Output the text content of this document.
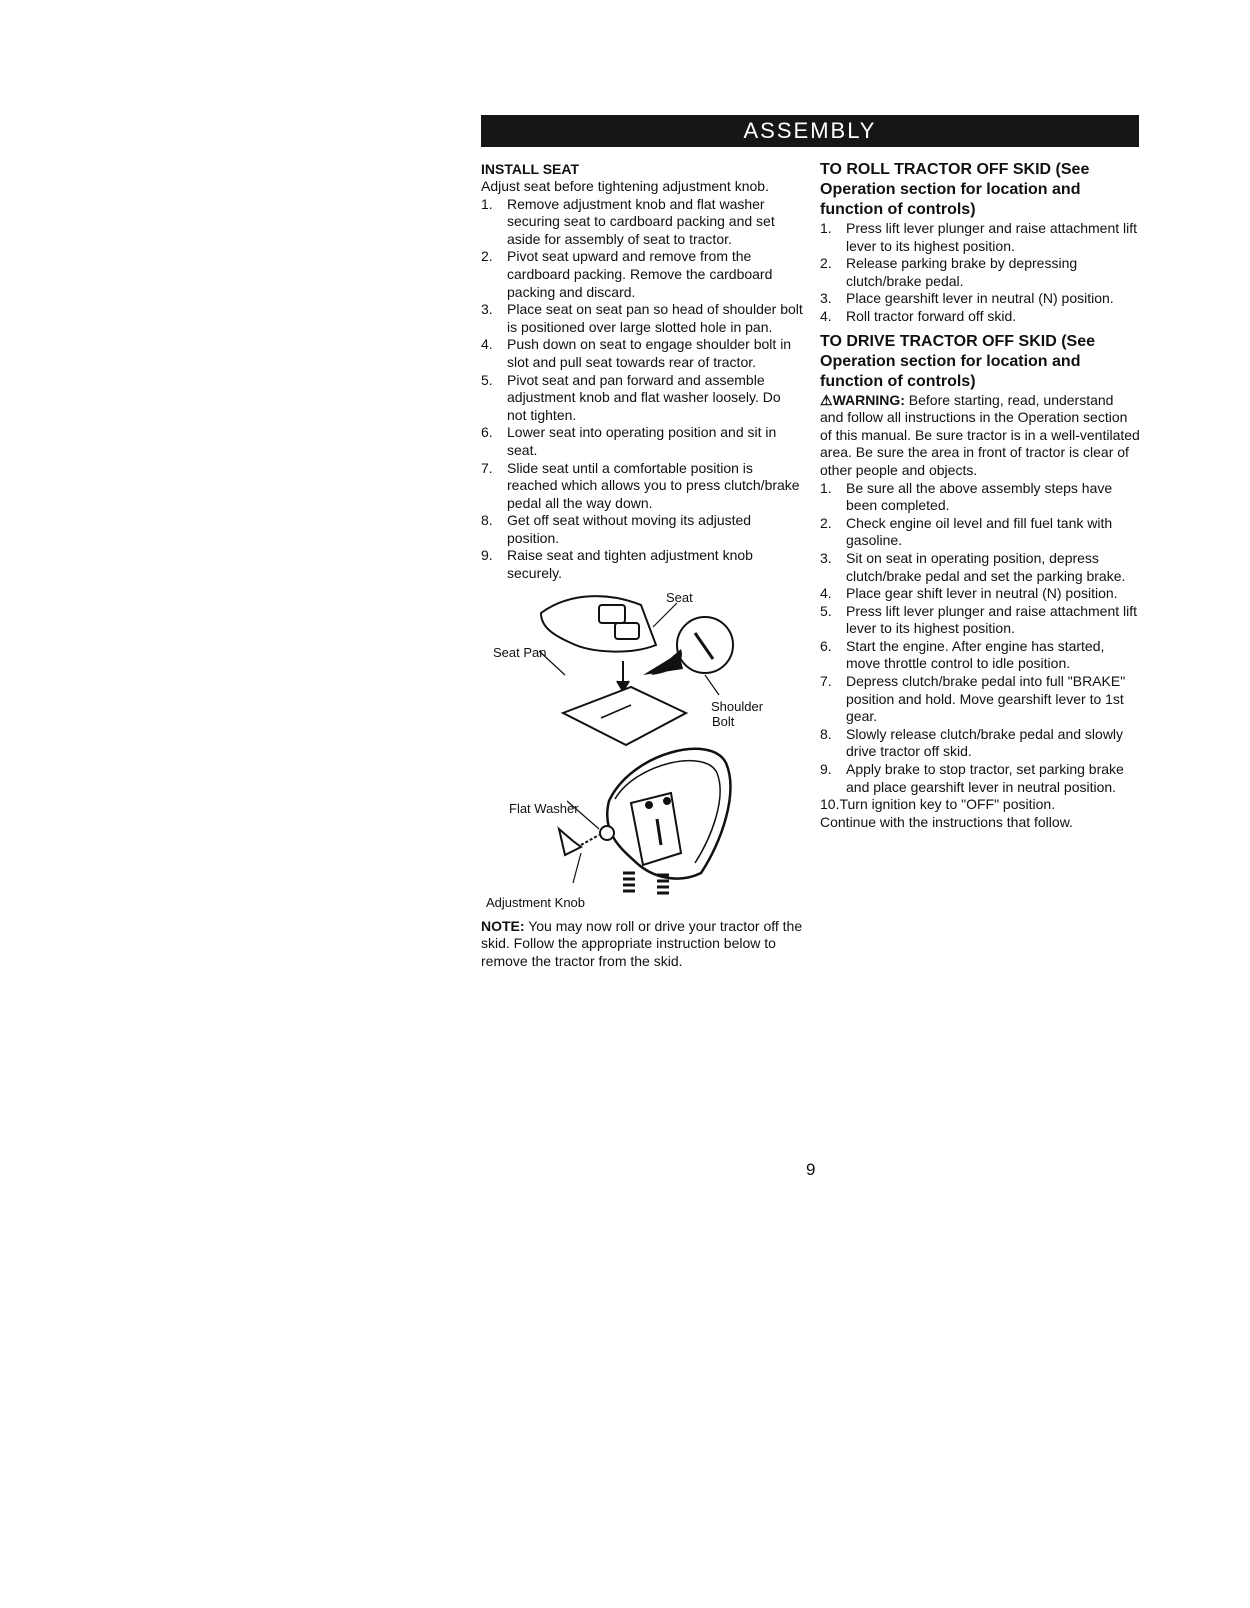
ASSEMBLY
INSTALL SEAT

Adjust seat before tightening adjustment knob.

1. Remove adjustment knob and flat washer securing seat to cardboard packing and set aside for assembly of seat to tractor.
2. Pivot seat upward and remove from the cardboard packing. Remove the cardboard packing and discard.
3. Place seat on seat pan so head of shoulder bolt is positioned over large slotted hole in pan.
4. Push down on seat to engage shoulder bolt in slot and pull seat towards rear of tractor.
5. Pivot seat and pan forward and assemble adjustment knob and flat washer loosely. Do not tighten.
6. Lower seat into operating position and sit in seat.
7. Slide seat until a comfortable position is reached which allows you to press clutch/brake pedal all the way down.
8. Get off seat without moving its adjusted position.
9. Raise seat and tighten adjustment knob securely.
Seat
Seat Pan
Shoulder
Bolt
Flat Washer
Adjustment Knob

NOTE: You may now roll or drive your tractor off the skid. Follow the appropriate instruction below to remove the tractor from the skid.

TO ROLL TRACTOR OFF SKID (See Operation section for location and function of controls)
1. Press lift lever plunger and raise attachment lift lever to its highest position.
2. Release parking brake by depressing clutch/brake pedal.
3. Place gearshift lever in neutral (N) position.
4. Roll tractor forward off skid.
TO DRIVE TRACTOR OFF SKID (See Operation section for location and function of controls)

⚠WARNING: Before starting, read, understand and follow all instructions in the Operation section of this manual. Be sure tractor is in a well-ventilated area. Be sure the area in front of tractor is clear of other people and objects.

1. Be sure all the above assembly steps have been completed.
2. Check engine oil level and fill fuel tank with gasoline.
3. Sit on seat in operating position, depress clutch/brake pedal and set the parking brake.
4. Place gear shift lever in neutral (N) position.
5. Press lift lever plunger and raise attachment lift lever to its highest position.
6. Start the engine. After engine has started, move throttle control to idle position.
7. Depress clutch/brake pedal into full "BRAKE" position and hold. Move gearshift lever to 1st gear.
8. Slowly release clutch/brake pedal and slowly drive tractor off skid.
9. Apply brake to stop tractor, set parking brake and place gearshift lever in neutral position.

10.Turn ignition key to "OFF" position.

Continue with the instructions that follow.

9
